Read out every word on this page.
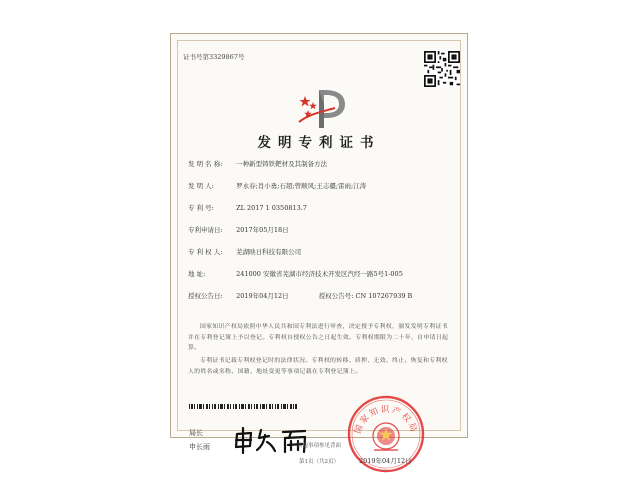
证书号第3329867号
发明专利证书
发 明 名 称: 一种新型铸铁靶材及其制备方法
发 明 人:	罗永春;肖小勇;石超;曾顺风;王志疆;雷雨;江涛
专 利 号:	ZL 2017 1 0350813.7
专利申请日: 2017年05月18日
专 利 权 人: 芜湖映日科技有限公司
地 址:	241000 安徽省芜湖市经济技术开发区汽经一路5号1-005
授权公告日: 2019年04月12日	授权公告号: CN 107267939 B
国家知识产权局依照中华人民共和国专利法进行审查，决定授予专利权，颁发发明专利证书并在专利登记簿上予以登记。专利权自授权公告之日起生效。专利权期限为二十年，自申请日起算。
专利证书记载专利权登记时的法律状况。专利权的转移、质押、无效、终止、恢复和专利权人的姓名或名称、国籍、地址变更等事项记载在专利登记簿上。
局长
申长雨
国家知识产权局
2019年04月12日
第1页（共2页）
其他事项参见背面
